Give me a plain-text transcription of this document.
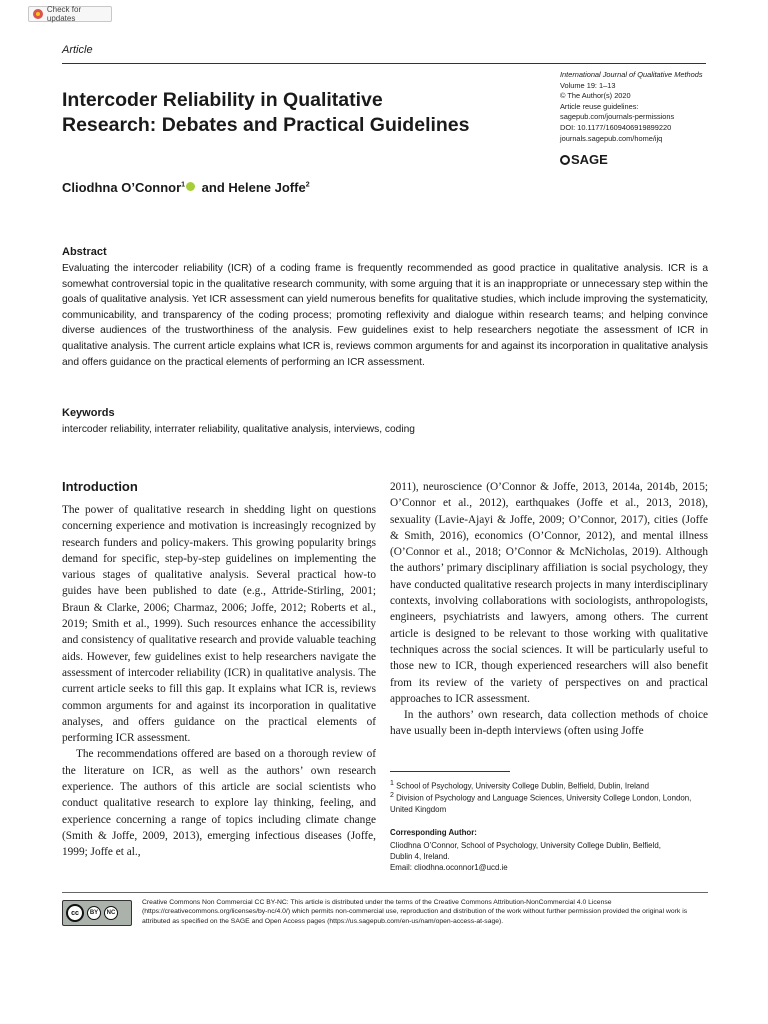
Check for updates
Article
Intercoder Reliability in Qualitative
Research: Debates and Practical Guidelines
International Journal of Qualitative Methods
Volume 19: 1–13
© The Author(s) 2020
Article reuse guidelines:
sagepub.com/journals-permissions
DOI: 10.1177/1609406919899220
journals.sagepub.com/home/ijq
SAGE
Cliodhna O’Connor$^1$ and Helene Joffe$^2$
Abstract

Evaluating the intercoder reliability (ICR) of a coding frame is frequently recommended as good practice in qualitative analysis. ICR is a somewhat controversial topic in the qualitative research community, with some arguing that it is an inappropriate or unnecessary step within the goals of qualitative analysis. Yet ICR assessment can yield numerous benefits for qualitative studies, which include improving the systematicity, communicability, and transparency of the coding process; promoting reflexivity and dialogue within research teams; and helping convince diverse audiences of the trustworthiness of the analysis. Few guidelines exist to help researchers negotiate the assessment of ICR in qualitative analysis. The current article explains what ICR is, reviews common arguments for and against its incorporation in qualitative analysis and offers guidance on the practical elements of performing an ICR assessment.

Keywords
intercoder reliability, interrater reliability, qualitative analysis, interviews, coding
Introduction

The power of qualitative research in shedding light on questions concerning experience and motivation is increasingly recognized by research funders and policy-makers. This growing popularity brings demand for specific, step-by-step guidelines on implementing the various stages of qualitative analysis. Several practical how-to guides have been published to date (e.g., Attride-Stirling, 2001; Braun & Clarke, 2006; Charmaz, 2006; Joffe, 2012; Roberts et al., 2019; Smith et al., 1999). Such resources enhance the accessibility and consistency of qualitative research and provide valuable teaching aids. However, few guidelines exist to help researchers navigate the assessment of intercoder reliability (ICR) in qualitative analysis. The current article seeks to fill this gap. It explains what ICR is, reviews common arguments for and against its incorporation in qualitative analyses, and offers guidance on the practical elements of performing ICR assessment.

The recommendations offered are based on a thorough review of the literature on ICR, as well as the authors’ own research experience. The authors of this article are social scientists who conduct qualitative research to explore lay thinking, feeling, and experience concerning a range of topics including climate change (Smith & Joffe, 2009, 2013), emerging infectious diseases (Joffe, 1999; Joffe et al.,

2011), neuroscience (O’Connor & Joffe, 2013, 2014a, 2014b, 2015; O’Connor et al., 2012), earthquakes (Joffe et al., 2013, 2018), sexuality (Lavie-Ajayi & Joffe, 2009; O’Connor, 2017), cities (Joffe & Smith, 2016), economics (O’Connor, 2012), and mental illness (O’Connor et al., 2018; O’Connor & McNicholas, 2019). Although the authors’ primary disciplinary affiliation is social psychology, they have conducted qualitative research projects in many interdisciplinary contexts, involving collaborations with sociologists, anthropologists, engineers, psychiatrists and lawyers, among others. The current article is designed to be relevant to those working with qualitative techniques across the social sciences. It will be particularly useful to those new to ICR, though experienced researchers will also benefit from its review of the variety of perspectives on and practical approaches to ICR assessment.

In the authors’ own research, data collection methods of choice have usually been in-depth interviews (often using Joffe

$^1$ School of Psychology, University College Dublin, Belfield, Dublin, Ireland

$^2$ Division of Psychology and Language Sciences, University College London, London, United Kingdom

Corresponding Author:
Cliodhna O’Connor, School of Psychology, University College Dublin, Belfield,
Dublin 4, Ireland.
Email: cliodhna.oconnor1@ucd.ie
cc	BY	NC

Creative Commons Non Commercial CC BY-NC: This article is distributed under the terms of the Creative Commons Attribution-NonCommercial 4.0 License (https://creativecommons.org/licenses/by-nc/4.0/) which permits non-commercial use, reproduction and distribution of the work without further permission provided the original work is attributed as specified on the SAGE and Open Access pages (https://us.sagepub.com/en-us/nam/open-access-at-sage).
